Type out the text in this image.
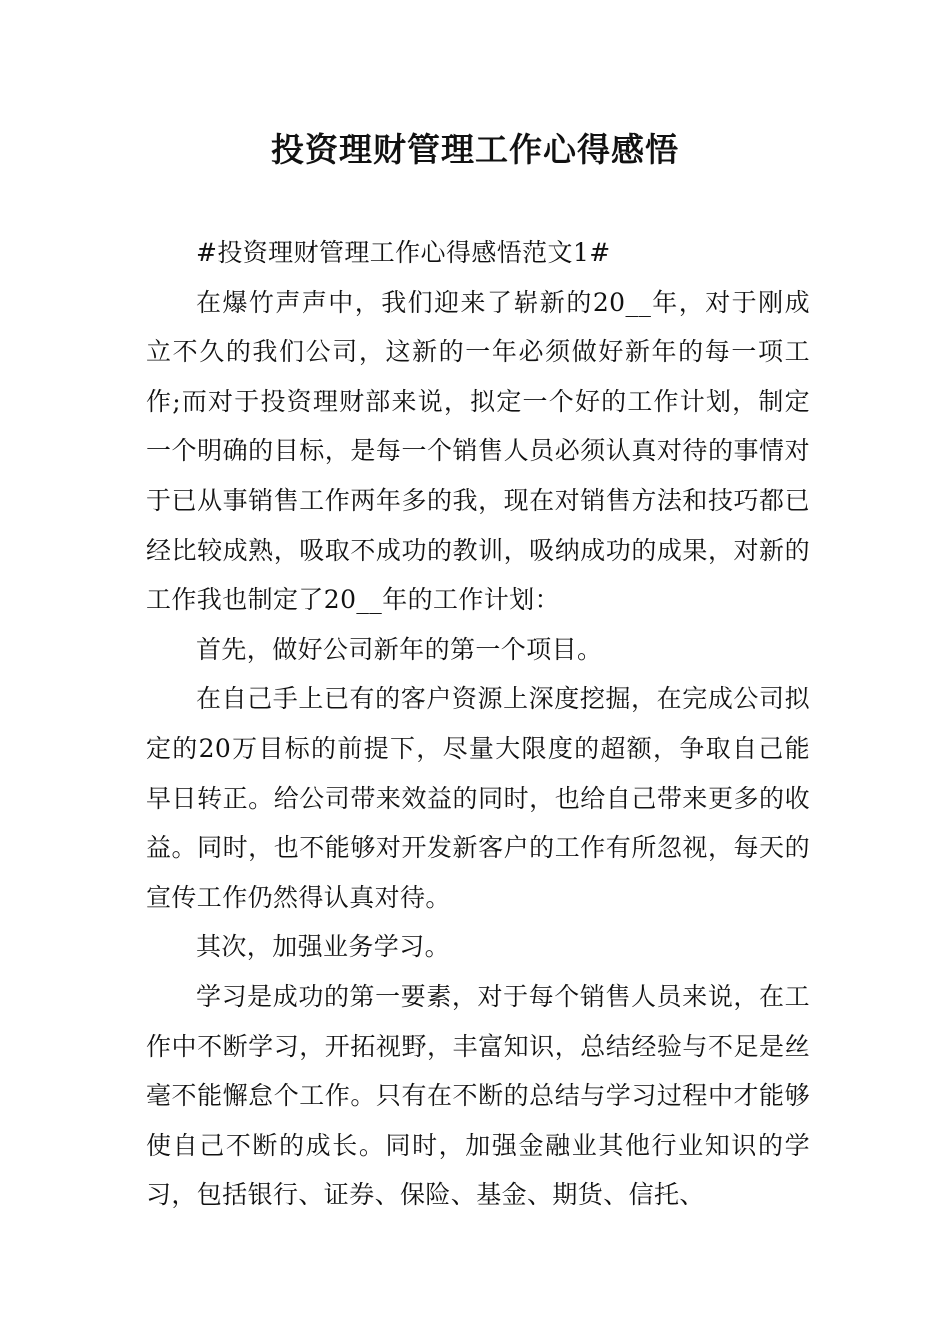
投资理财管理工作心得感悟

#投资理财管理工作心得感悟范文1#

在爆竹声声中，我们迎来了崭新的20__年，对于刚成立不久的我们公司，这新的一年必须做好新年的每一项工作;而对于投资理财部来说，拟定一个好的工作计划，制定一个明确的目标，是每一个销售人员必须认真对待的事情对于已从事销售工作两年多的我，现在对销售方法和技巧都已经比较成熟，吸取不成功的教训，吸纳成功的成果，对新的工作我也制定了20__年的工作计划：

首先，做好公司新年的第一个项目。

在自己手上已有的客户资源上深度挖掘，在完成公司拟定的20万目标的前提下，尽量大限度的超额，争取自己能早日转正。给公司带来效益的同时，也给自己带来更多的收益。同时，也不能够对开发新客户的工作有所忽视，每天的宣传工作仍然得认真对待。

其次，加强业务学习。

学习是成功的第一要素，对于每个销售人员来说，在工作中不断学习，开拓视野，丰富知识，总结经验与不足是丝毫不能懈怠个工作。只有在不断的总结与学习过程中才能够使自己不断的成长。同时，加强金融业其他行业知识的学习，包括银行、证券、保险、基金、期货、信托、
